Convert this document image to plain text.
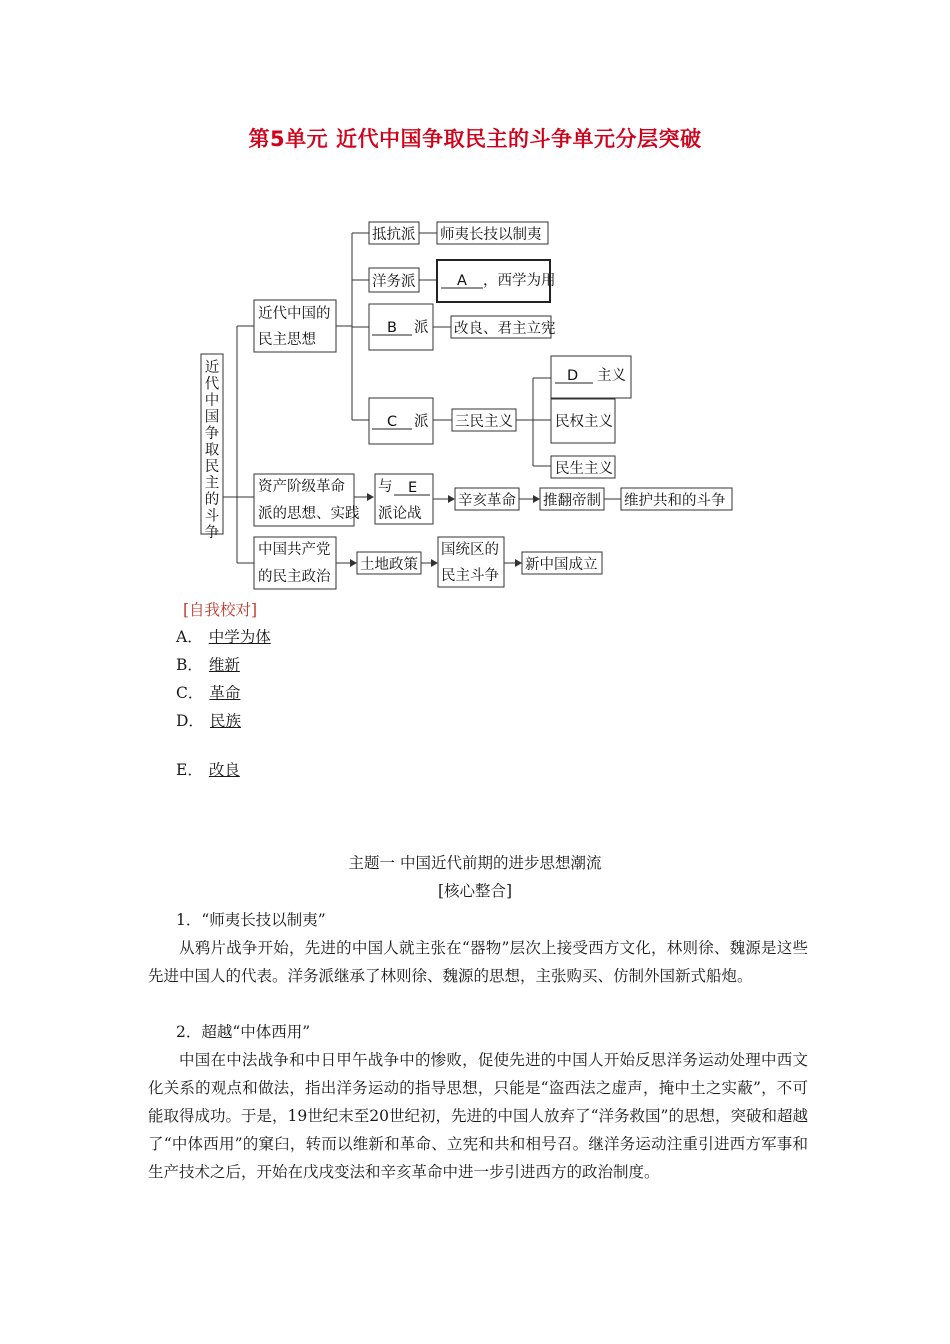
第5单元 近代中国争取民主的斗争单元分层突破
近代中国争取民主的斗争
近代中国的
民主思想
抵抗派 师夷长技以制夷
洋务派	A ，西学为用
B 派 改良、君主立宪
C 派 三民主义
D 主义
民权主义
民生主义
资产阶级革命
派的思想、实践
与 E
派论战
辛亥革命 推翻帝制 维护共和的斗争
中国共产党
的民主政治
土地政策
国统区的
民主斗争
新中国成立
[自我校对]
A． 中学为体
B． 维新
C． 革命
D． 民族
E． 改良
主题一 中国近代前期的进步思想潮流
[核心整合]
1．“师夷长技以制夷”

从鸦片战争开始，先进的中国人就主张在“器物”层次上接受西方文化，林则徐、魏源是这些先进中国人的代表。洋务派继承了林则徐、魏源的思想，主张购买、仿制外国新式船炮。

2．超越“中体西用”

中国在中法战争和中日甲午战争中的惨败，促使先进的中国人开始反思洋务运动处理中西文化关系的观点和做法，指出洋务运动的指导思想，只能是“盗西法之虚声，掩中土之实蔽”，不可能取得成功。于是，19世纪末至20世纪初，先进的中国人放弃了“洋务救国”的思想，突破和超越了“中体西用”的窠臼，转而以维新和革命、立宪和共和相号召。继洋务运动注重引进西方军事和生产技术之后，开始在戊戌变法和辛亥革命中进一步引进西方的政治制度。
